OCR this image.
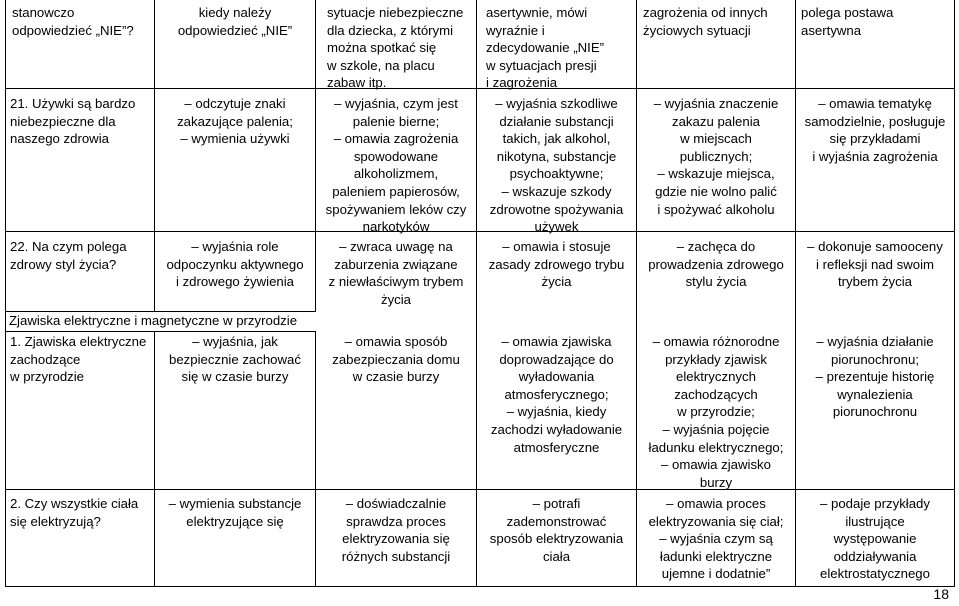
stanowczo
odpowiedzieć „NIE”?
kiedy należy
odpowiedzieć „NIE”
sytuacje niebezpieczne
dla dziecka, z którymi
można spotkać się
w szkole, na placu
zabaw itp.
asertywnie, mówi
wyraźnie i
zdecydowanie „NIE”
w sytuacjach presji
i zagrożenia
zagrożenia od innych
życiowych sytuacji
polega postawa
asertywna
21. Używki są bardzo
niebezpieczne dla
naszego zdrowia
– odczytuje znaki
zakazujące palenia;
– wymienia używki
– wyjaśnia, czym jest
palenie bierne;
– omawia zagrożenia
spowodowane
alkoholizmem,
paleniem papierosów,
spożywaniem leków czy
narkotyków
– wyjaśnia szkodliwe
działanie substancji
takich, jak alkohol,
nikotyna, substancje
psychoaktywne;
– wskazuje szkody
zdrowotne spożywania
używek
– wyjaśnia znaczenie
zakazu palenia
w miejscach
publicznych;
– wskazuje miejsca,
gdzie nie wolno palić
i spożywać alkoholu
– omawia tematykę
samodzielnie, posługuje
się przykładami
i wyjaśnia zagrożenia
22. Na czym polega
zdrowy styl życia?
– wyjaśnia role
odpoczynku aktywnego
i zdrowego żywienia
– zwraca uwagę na
zaburzenia związane
z niewłaściwym trybem
życia
– omawia i stosuje
zasady zdrowego trybu
życia
– zachęca do
prowadzenia zdrowego
stylu życia
– dokonuje samooceny
i refleksji nad swoim
trybem życia
Zjawiska elektryczne i magnetyczne w przyrodzie
1. Zjawiska elektryczne
zachodzące
w przyrodzie
– wyjaśnia, jak
bezpiecznie zachować
się w czasie burzy
– omawia sposób
zabezpieczania domu
w czasie burzy
– omawia zjawiska
doprowadzające do
wyładowania
atmosferycznego;
– wyjaśnia, kiedy
zachodzi wyładowanie
atmosferyczne
– omawia różnorodne
przykłady zjawisk
elektrycznych
zachodzących
w przyrodzie;
– wyjaśnia pojęcie
ładunku elektrycznego;
– omawia zjawisko
burzy
– wyjaśnia działanie
piorunochronu;
– prezentuje historię
wynalezienia
piorunochronu
2. Czy wszystkie ciała
się elektryzują?
– wymienia substancje
elektryzujące się
– doświadczalnie
sprawdza proces
elektryzowania się
różnych substancji
– potrafi
zademonstrować
sposób elektryzowania
ciała
– omawia proces
elektryzowania się ciał;
– wyjaśnia czym są
ładunki elektryczne
ujemne i dodatnie”
– podaje przykłady
ilustrujące
występowanie
oddziaływania
elektrostatycznego
18
